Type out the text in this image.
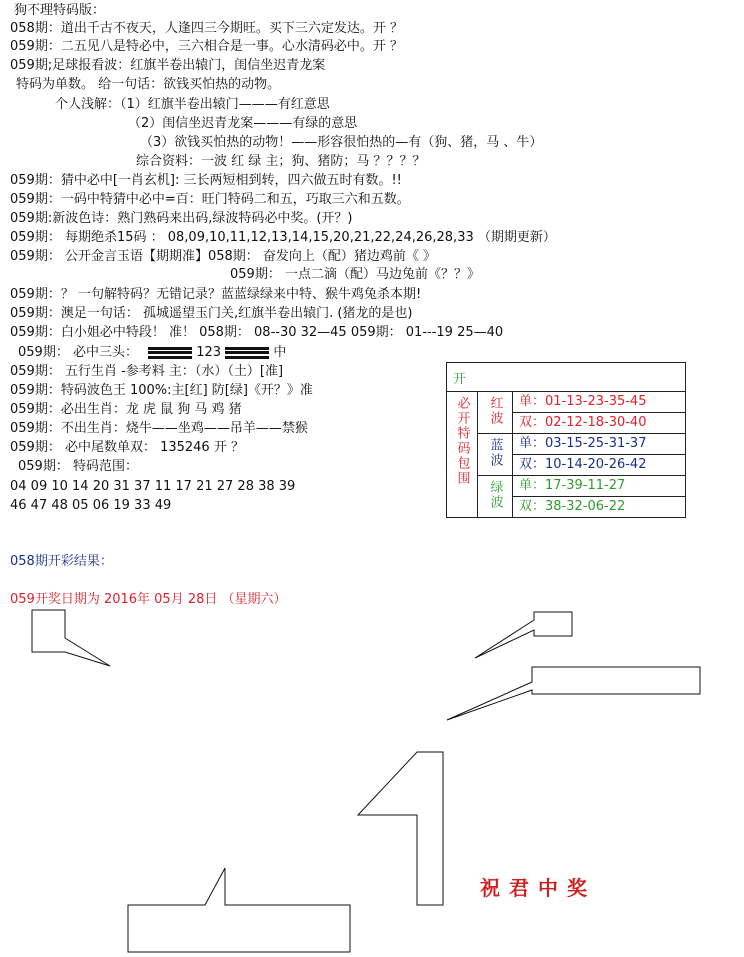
狗不理特码版：
058期：道出千古不夜天，人逢四三今期旺。买下三六定发达。开 ？
059期：二五见八是特必中，三六相合是一事。心水清码必中。开 ？
059期;足球报看波：红旗半卷出辕门，闺信坐迟青龙案
特码为单数。 给一句话：欲钱买怕热的动物。
个人浅解：（1）红旗半卷出辕门———有红意思
（2）闺信坐迟青龙案———有绿的意思
（3）欲钱买怕热的动物！——形容很怕热的—有（狗、猪，马 、牛）
综合资料：一波 红 绿 主；狗、猪防；马 ？？？？
059期：猜中必中[一肖玄机]: 三长两短相到转，四六做五时有数。!!
059期：一码中特猜中必中=百：旺门特码二和五，巧取三六和五数。
059期:新波色诗：熟门熟码来出码,绿波特码必中奖。(开？)
059期： 每期绝杀15码 ： 08,09,10,11,12,13,14,15,20,21,22,24,26,28,33 （期期更新）
059期： 公开金言玉语【期期准】058期： 奋发向上（配）猪边鸡前《 》
059期： 一点二滴（配）马边兔前《？？》
059期：？ 一句解特码？无错记录？蓝蓝绿绿来中特、猴牛鸡兔杀本期!
059期：澳足一句话： 孤城遥望玉门关,红旗半卷出辕门. (猪龙的是也)
059期：白小姐必中特段！ 准！ 058期： 08--30 32—45 059期： 01---19 25—40
059期： 必中三头：	123	中
059期： 五行生肖 -参考料 主：（水）（土）[准]
059期：特码波色王 100%:主[红] 防[绿]《开？》准
059期：必出生肖：龙 虎 鼠 狗 马 鸡 猪
059期：不出生肖：烧牛——坐鸡——吊羊——禁猴
059期： 必中尾数单双： 135246 开 ？
059期： 特码范围：
04 09 10 14 20 31 37 11 17 21 27 28 38 39
46 47 48 05 06 19 33 49
058期开彩结果：
059开奖日期为 2016年 05月 28日 （星期六）
开		
必开特码包围	红波	单：01-13-23-35-45
		双：02-12-18-30-40
	蓝波	单：03-15-25-31-37
		双：10-14-20-26-42
	绿波	单：17-39-11-27
		双：38-32-06-22
祝君中奖
